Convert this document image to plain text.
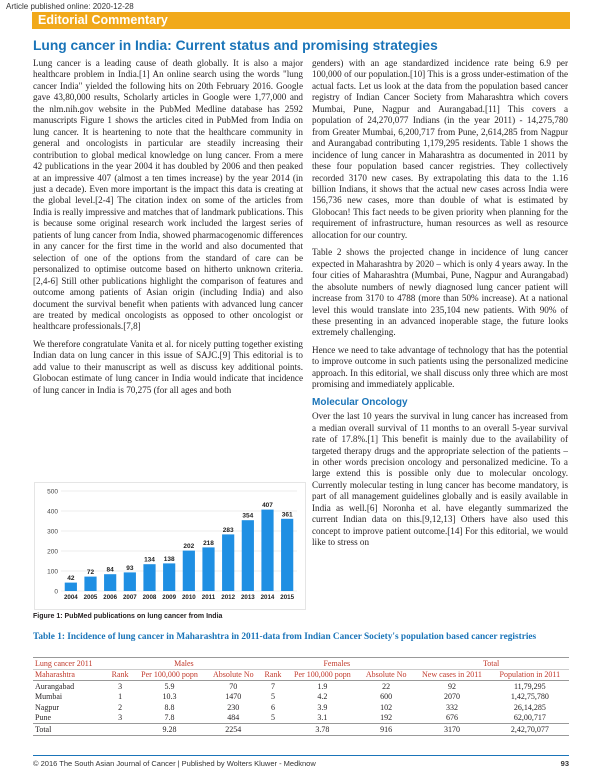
Article published online: 2020-12-28
Editorial Commentary
Lung cancer in India: Current status and promising strategies

Lung cancer is a leading cause of death globally. It is also a major healthcare problem in India.[1] An online search using the words "lung cancer India" yielded the following hits on 20th February 2016. Google gave 43,80,000 results, Scholarly articles in Google were 1,77,000 and the nlm.nih.gov website in the PubMed Medline database has 2592 manuscripts Figure 1 shows the articles cited in PubMed from India on lung cancer. It is heartening to note that the healthcare community in general and oncologists in particular are steadily increasing their contribution to global medical knowledge on lung cancer. From a mere 42 publications in the year 2004 it has doubled by 2006 and then peaked at an impressive 407 (almost a ten times increase) by the year 2014 (in just a decade). Even more important is the impact this data is creating at the global level.[2-4] The citation index on some of the articles from India is really impressive and matches that of landmark publications. This is because some original research work included the largest series of patients of lung cancer from India, showed pharmacogenomic differences in any cancer for the first time in the world and also documented that selection of one of the options from the standard of care can be personalized to optimise outcome based on hitherto unknown criteria.[2,4-6] Still other publications highlight the comparison of features and outcome among patients of Asian origin (including India) and also document the survival benefit when patients with advanced lung cancer are treated by medical oncologists as opposed to other oncologist or healthcare professionals.[7,8]

We therefore congratulate Vanita et al. for nicely putting together existing Indian data on lung cancer in this issue of SAJC.[9] This editorial is to add value to their manuscript as well as discuss key additional points. Globocan estimate of lung cancer in India would indicate that incidence of lung cancer in India is 70,275 (for all ages and both

genders) with an age standardized incidence rate being 6.9 per 100,000 of our population.[10] This is a gross under-estimation of the actual facts. Let us look at the data from the population based cancer registry of Indian Cancer Society from Maharashtra which covers Mumbai, Pune, Nagpur and Aurangabad.[11] This covers a population of 24,270,077 Indians (in the year 2011) - 14,275,780 from Greater Mumbai, 6,200,717 from Pune, 2,614,285 from Nagpur and Aurangabad contributing 1,179,295 residents. Table 1 shows the incidence of lung cancer in Maharashtra as documented in 2011 by these four population based cancer registries. They collectively recorded 3170 new cases. By extrapolating this data to the 1.16 billion Indians, it shows that the actual new cases across India were 156,736 new cases, more than double of what is estimated by Globocan! This fact needs to be given priority when planning for the requirement of infrastructure, human resources as well as resource allocation for our country.

Table 2 shows the projected change in incidence of lung cancer expected in Maharashtra by 2020 – which is only 4 years away. In the four cities of Maharashtra (Mumbai, Pune, Nagpur and Aurangabad) the absolute numbers of newly diagnosed lung cancer patient will increase from 3170 to 4788 (more than 50% increase). At a national level this would translate into 235,104 new patients. With 90% of these presenting in an advanced inoperable stage, the future looks extremely challenging.

Hence we need to take advantage of technology that has the potential to improve outcome in such patients using the personalized medicine approach. In this editorial, we shall discuss only three which are most promising and immediately applicable.

Molecular Oncology

Over the last 10 years the survival in lung cancer has increased from a median overall survival of 11 months to an overall 5-year survival rate of 17.8%.[1] This benefit is mainly due to the availability of targeted therapy drugs and the appropriate selection of the patients – in other words precision oncology and personalized medicine. To a large extend this is possible only due to molecular oncology. Currently molecular testing in lung cancer has become mandatory, is part of all management guidelines globally and is easily available in India as well.[6] Noronha et al. have elegantly summarized the current Indian data on this.[9,12,13] Others have also used this concept to improve patient outcome.[14] For this editorial, we would like to stress on

0
100
200
300
400
500
42
2004
72
2005
84
2006
93
2007
134
2008
138
2009
202
2010
218
2011
283
2012
354
2013
407
2014
361
2015
Figure 1: PubMed publications on lung cancer from India
Table 1: Incidence of lung cancer in Maharashtra in 2011-data from Indian Cancer Society's population based cancer registries
Lung cancer 2011	Males			Females			Total	
Maharashtra	Rank	Per 100,000 popn	Absolute No	Rank	Per 100,000 popn	Absolute No	New cases in 2011	Population in 2011
Aurangabad	3	5.9	70	7	1.9	22	92	11,79,295
Mumbai	1	10.3	1470	5	4.2	600	2070	1,42,75,780
Nagpur	2	8.8	230	6	3.9	102	332	26,14,285
Pune	3	7.8	484	5	3.1	192	676	62,00,717
Total		9.28	2254		3.78	916	3170	2,42,70,077
© 2016 The South Asian Journal of Cancer | Published by Wolters Kluwer - Medknow	93
